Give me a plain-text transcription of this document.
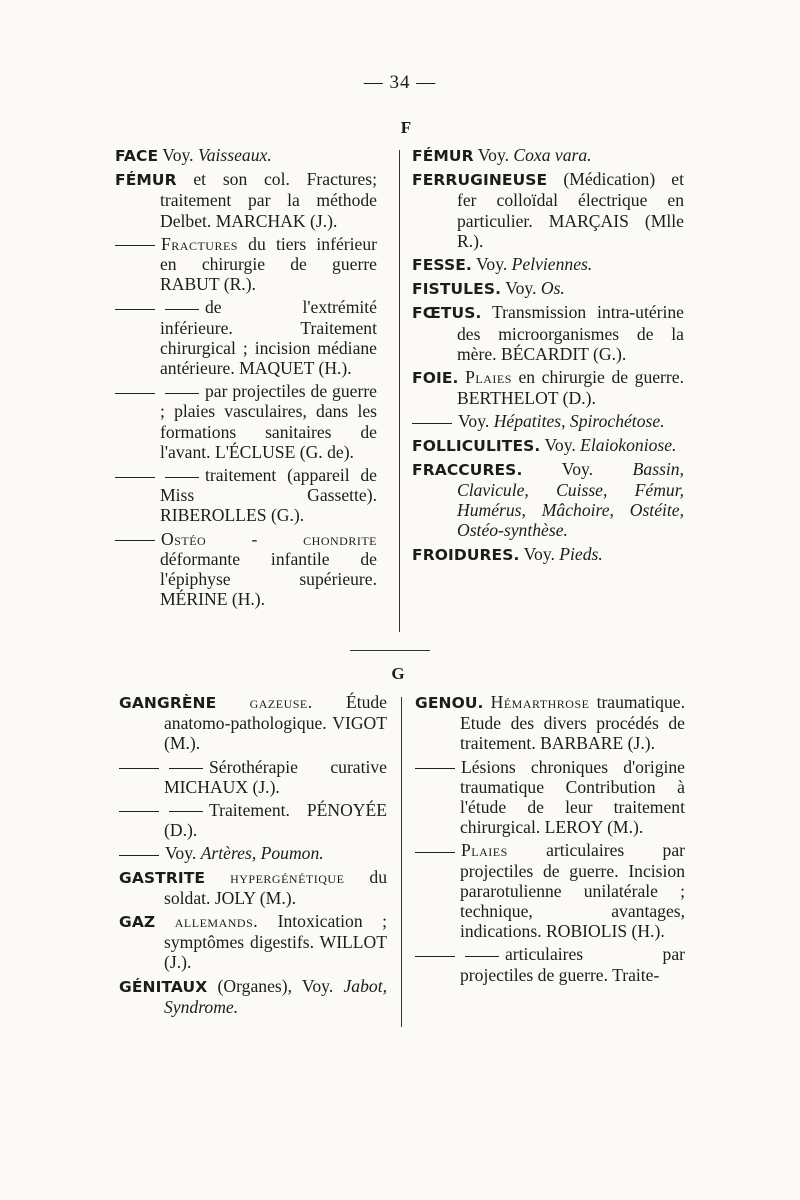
— 34 —
F

FACE Voy. Vaisseaux.

FÉMUR et son col. Fractures; traitement par la méthode Delbet. MARCHAK (J.).

Fractures du tiers inférieur en chirurgie de guerre RABUT (R.).

de l'extrémité inférieure. Traitement chirurgical ; incision médiane antérieure. MAQUET (H.).

par projectiles de guerre ; plaies vasculaires, dans les formations sanitaires de l'avant. L'ÉCLUSE (G. de).

traitement (appareil de Miss Gassette). RIBEROLLES (G.).

Ostéo - chondrite déformante infantile de l'épiphyse supérieure. MÉRINE (H.).

FÉMUR Voy. Coxa vara.

FERRUGINEUSE (Médication) et fer colloïdal électrique en particulier. MARÇAIS (Mlle R.).

FESSE. Voy. Pelviennes.

FISTULES. Voy. Os.

FŒTUS. Transmission intra-utérine des microorganismes de la mère. BÉCARDIT (G.).

FOIE. Plaies en chirurgie de guerre. BERTHELOT (D.).

Voy. Hépatites, Spirochétose.

FOLLICULITES. Voy. Elaiokoniose.

FRACCURES. Voy. Bassin, Clavicule, Cuisse, Fémur, Humérus, Mâchoire, Ostéite, Ostéo-synthèse.

FROIDURES. Voy. Pieds.

G

GANGRÈNE gazeuse. Étude anatomo-pathologique. VIGOT (M.).

Sérothérapie curative MICHAUX (J.).

Traitement. PÉNOYÉE (D.).

Voy. Artères, Poumon.

GASTRITE hypergénétique du soldat. JOLY (M.).

GAZ allemands. Intoxication ; symptômes digestifs. WILLOT (J.).

GÉNITAUX (Organes), Voy. Jabot, Syndrome.

GENOU. Hémarthrose traumatique. Etude des divers procédés de traitement. BARBARE (J.).

Lésions chroniques d'origine traumatique Contribution à l'étude de leur traitement chirurgical. LEROY (M.).

Plaies articulaires par projectiles de guerre. Incision pararotulienne unilatérale ; technique, avantages, indications. ROBIOLIS (H.).

articulaires par projectiles de guerre. Traite-
